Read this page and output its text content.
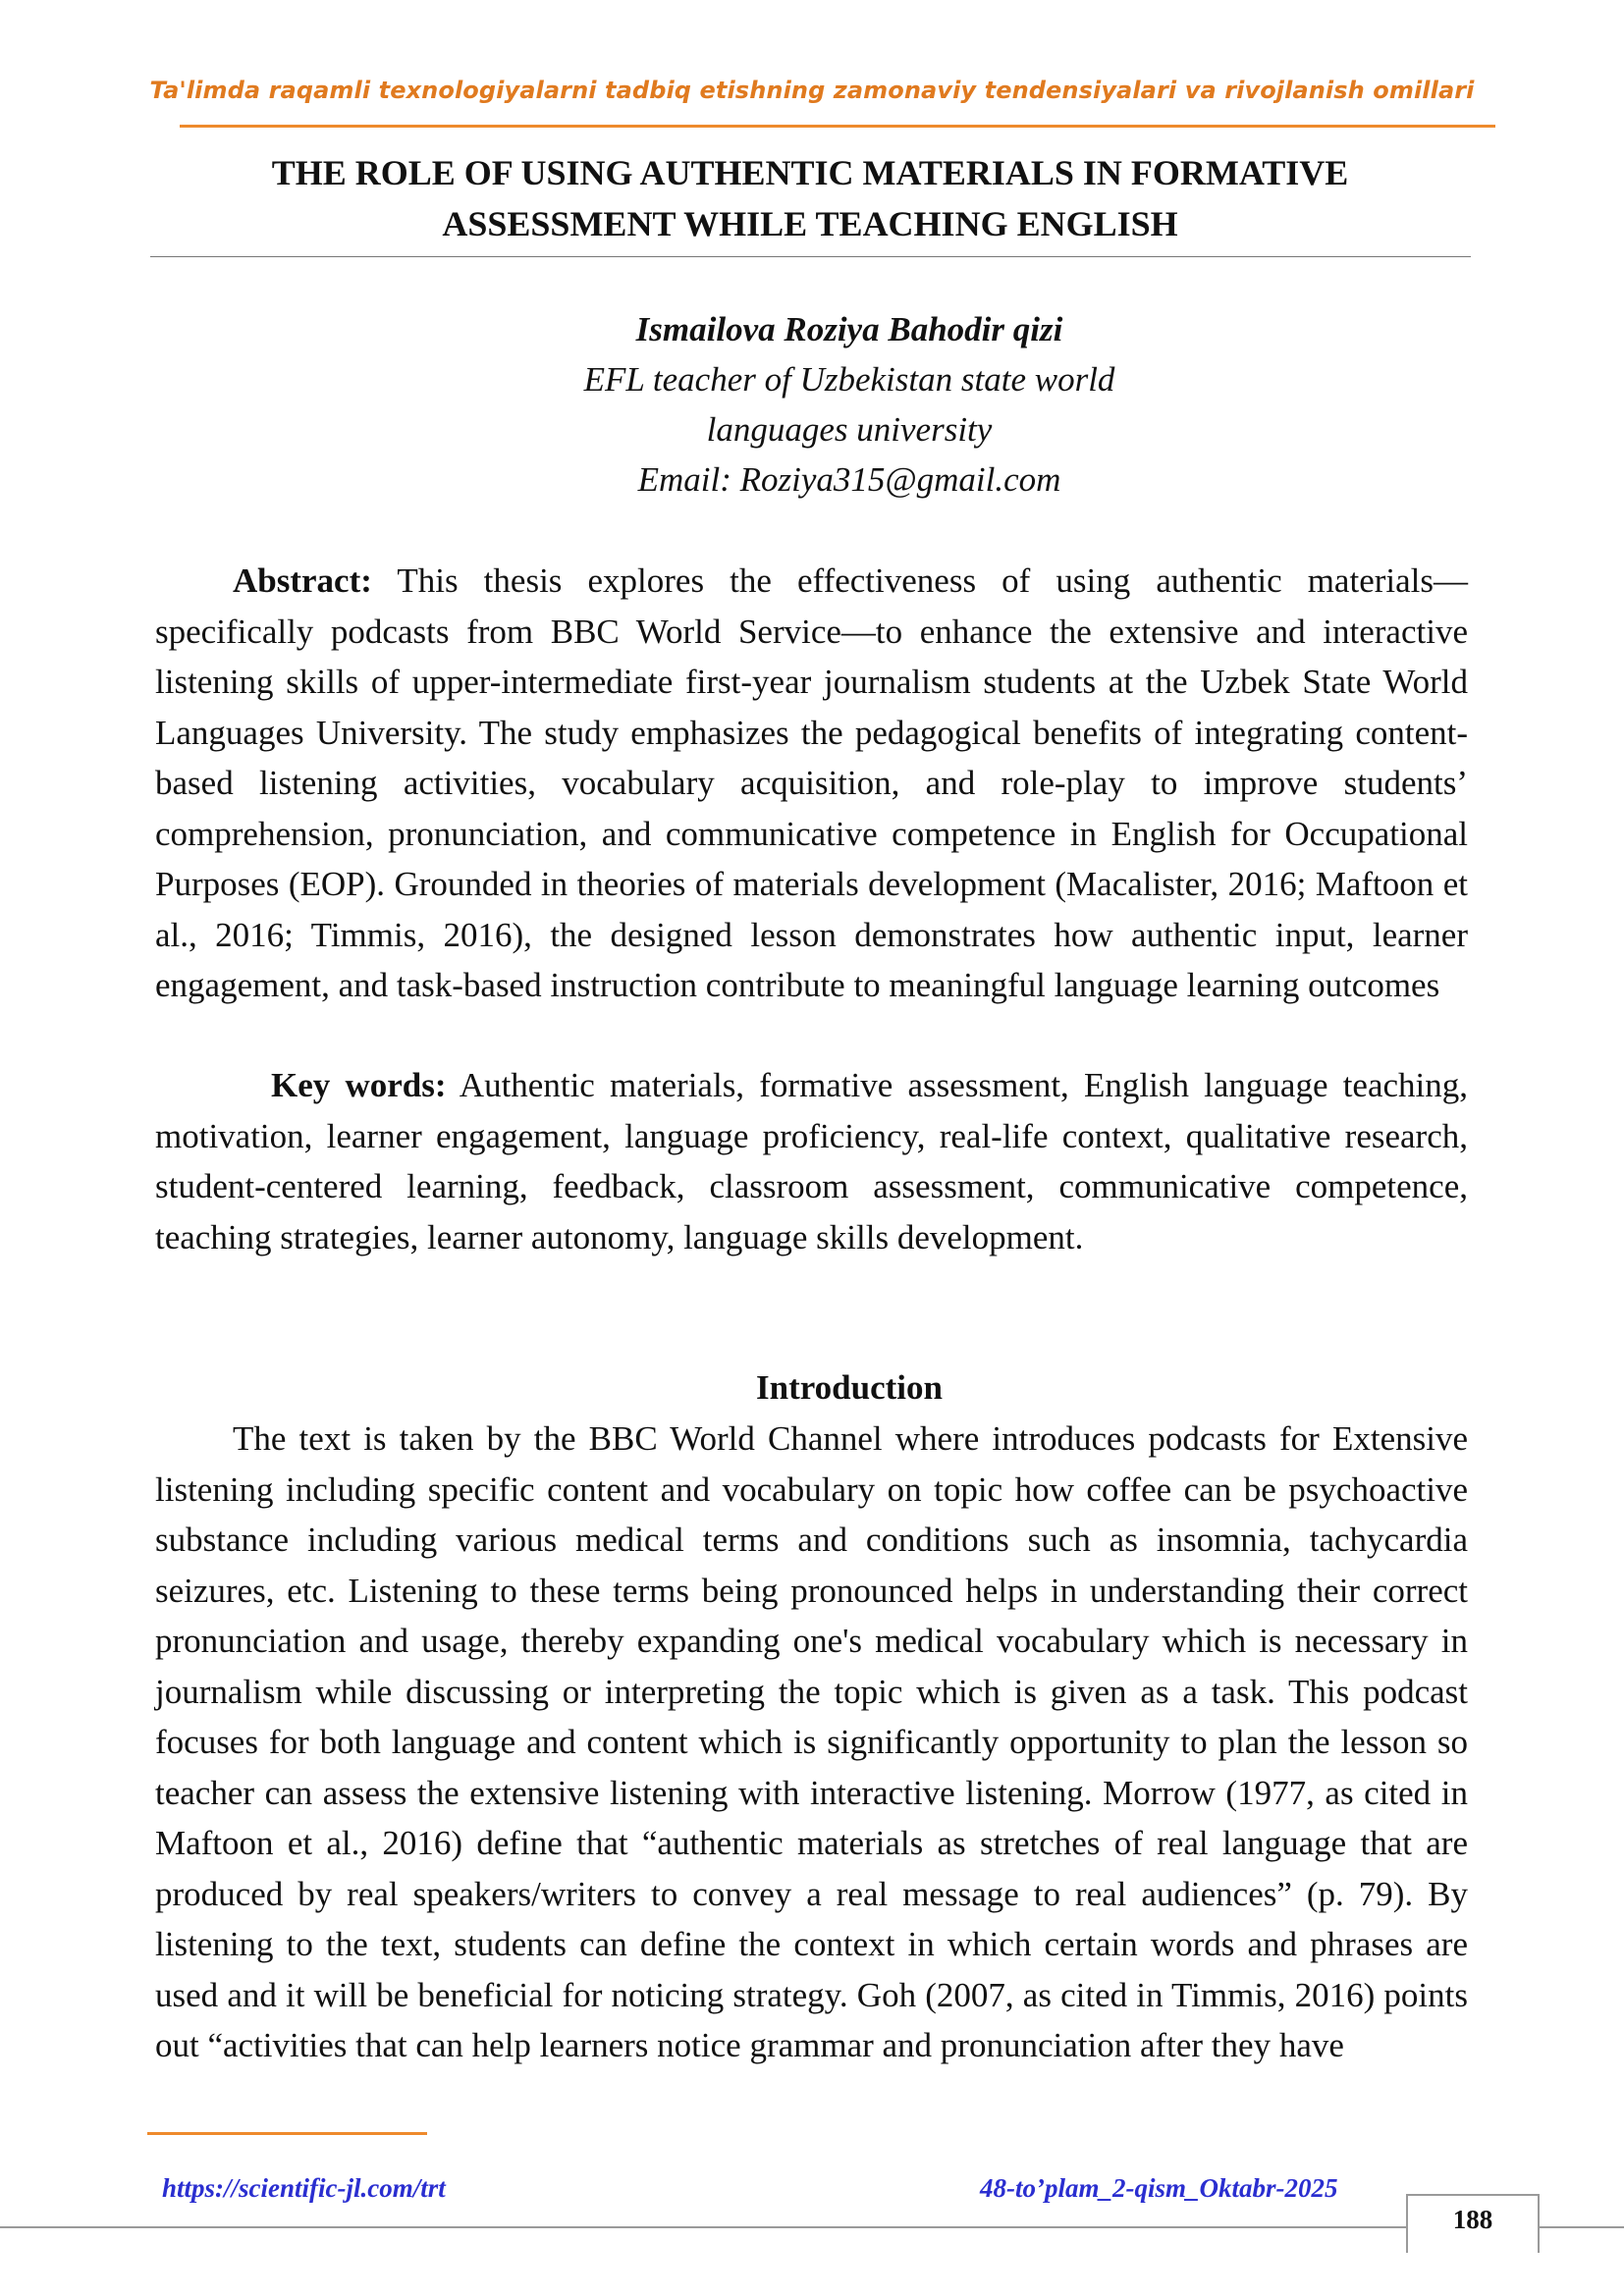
Ta'limda raqamli texnologiyalarni tadbiq etishning zamonaviy tendensiyalari va rivojlanish omillari
THE ROLE OF USING AUTHENTIC MATERIALS IN FORMATIVE
ASSESSMENT WHILE TEACHING ENGLISH
Ismailova Roziya Bahodir qizi
EFL teacher of Uzbekistan state world
languages university
Email: Roziya315@gmail.com

Abstract: This thesis explores the effectiveness of using authentic materials—specifically podcasts from BBC World Service—to enhance the extensive and interactive listening skills of upper-intermediate first-year journalism students at the Uzbek State World Languages University. The study emphasizes the pedagogical benefits of integrating content-based listening activities, vocabulary acquisition, and role-play to improve students’ comprehension, pronunciation, and communicative competence in English for Occupational Purposes (EOP). Grounded in theories of materials development (Macalister, 2016; Maftoon et al., 2016; Timmis, 2016), the designed lesson demonstrates how authentic input, learner engagement, and task-based instruction contribute to meaningful language learning outcomes

Key words: Authentic materials, formative assessment, English language teaching, motivation, learner engagement, language proficiency, real-life context, qualitative research, student-centered learning, feedback, classroom assessment, communicative competence, teaching strategies, learner autonomy, language skills development.

Introduction

The text is taken by the BBC World Channel where introduces podcasts for Extensive listening including specific content and vocabulary on topic how coffee can be psychoactive substance including various medical terms and conditions such as insomnia, tachycardia seizures, etc. Listening to these terms being pronounced helps in understanding their correct pronunciation and usage, thereby expanding one's medical vocabulary which is necessary in journalism while discussing or interpreting the topic which is given as a task. This podcast focuses for both language and content which is significantly opportunity to plan the lesson so teacher can assess the extensive listening with interactive listening. Morrow (1977, as cited in Maftoon et al., 2016) define that “authentic materials as stretches of real language that are produced by real speakers/writers to convey a real message to real audiences” (p. 79). By listening to the text, students can define the context in which certain words and phrases are used and it will be beneficial for noticing strategy. Goh (2007, as cited in Timmis, 2016) points out “activities that can help learners notice grammar and pronunciation after they have

https://scientific-jl.com/trt	48-to’plam_2-qism_Oktabr-2025
188
